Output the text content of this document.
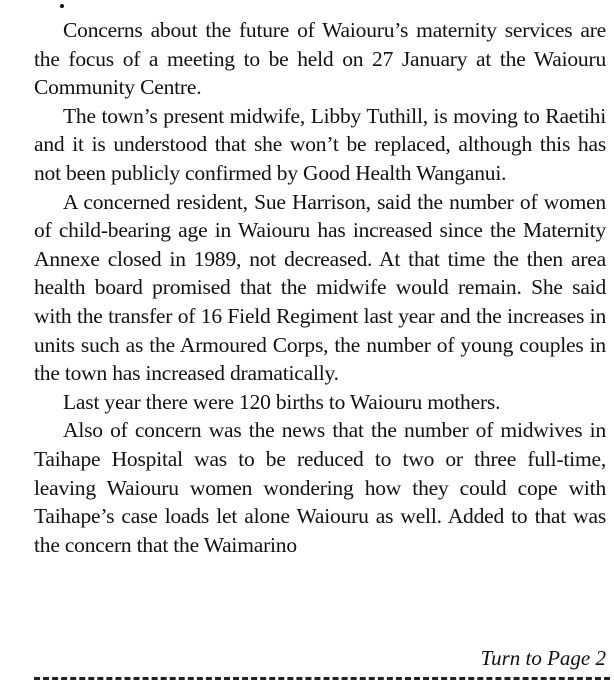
Concerns about the future of Waiouru’s maternity services are the focus of a meeting to be held on 27 January at the Waiouru Community Centre.

The town’s present midwife, Libby Tuthill, is moving to Raetihi and it is understood that she won’t be replaced, although this has not been publicly confirmed by Good Health Wanganui.

A concerned resident, Sue Harrison, said the number of women of child-bearing age in Waiouru has increased since the Maternity Annexe closed in 1989, not decreased. At that time the then area health board promised that the midwife would remain. She said with the transfer of 16 Field Regiment last year and the increases in units such as the Armoured Corps, the number of young couples in the town has increased dramatically.

Last year there were 120 births to Waiouru mothers.

Also of concern was the news that the number of midwives in Taihape Hospital was to be reduced to two or three full-time, leaving Waiouru women wondering how they could cope with Taihape’s case loads let alone Waiouru as well. Added to that was the concern that the Waimarino

Turn to Page 2
